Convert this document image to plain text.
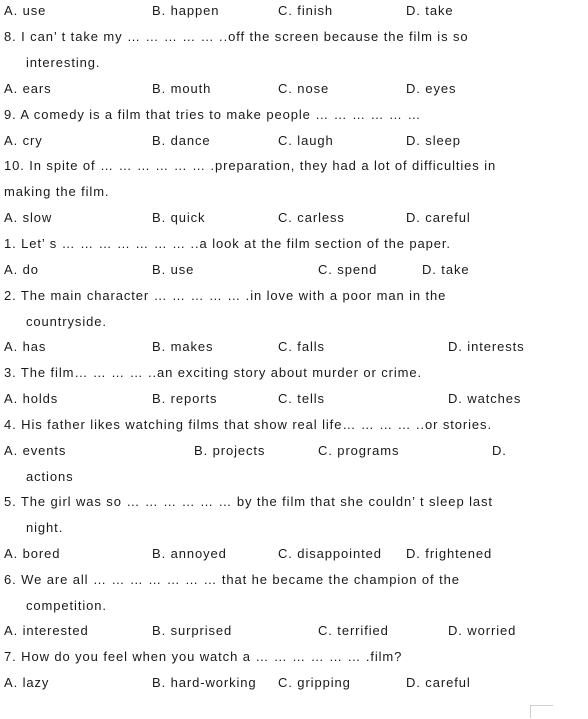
A. use	B. happen	C. finish	D. take
8. I can’ t take my … … … … … ..off the screen because the film is so
interesting.
A. ears	B. mouth	C. nose	D. eyes
9. A comedy is a film that tries to make people … … … … … …
A. cry	B. dance	C. laugh	D. sleep
10. In spite of … … … … … … .preparation, they had a lot of difficulties in
making the film.
A. slow	B. quick	C. carless	D. careful
1. Let’ s … … … … … … … ..a look at the film section of the paper.
A. do	B. use	C. spend	D. take
2. The main character … … … … … .in love with a poor man in the
countryside.
A. has	B. makes	C. falls	D. interests
3. The film… … … … ..an exciting story about murder or crime.
A. holds	B. reports	C. tells	D. watches
4. His father likes watching films that show real life… … … … ..or stories.
A. events	B. projects	C. programs	D.
actions
5. The girl was so … … … … … … by the film that she couldn’ t sleep last
night.
A. bored	B. annoyed	C. disappointed D. frightened
6. We are all … … … … … … … that he became the champion of the
competition.
A. interested	B. surprised	C. terrified	D. worried
7. How do you feel when you watch a … … … … … … .film?
A. lazy	B. hard-working C. gripping	D. careful
